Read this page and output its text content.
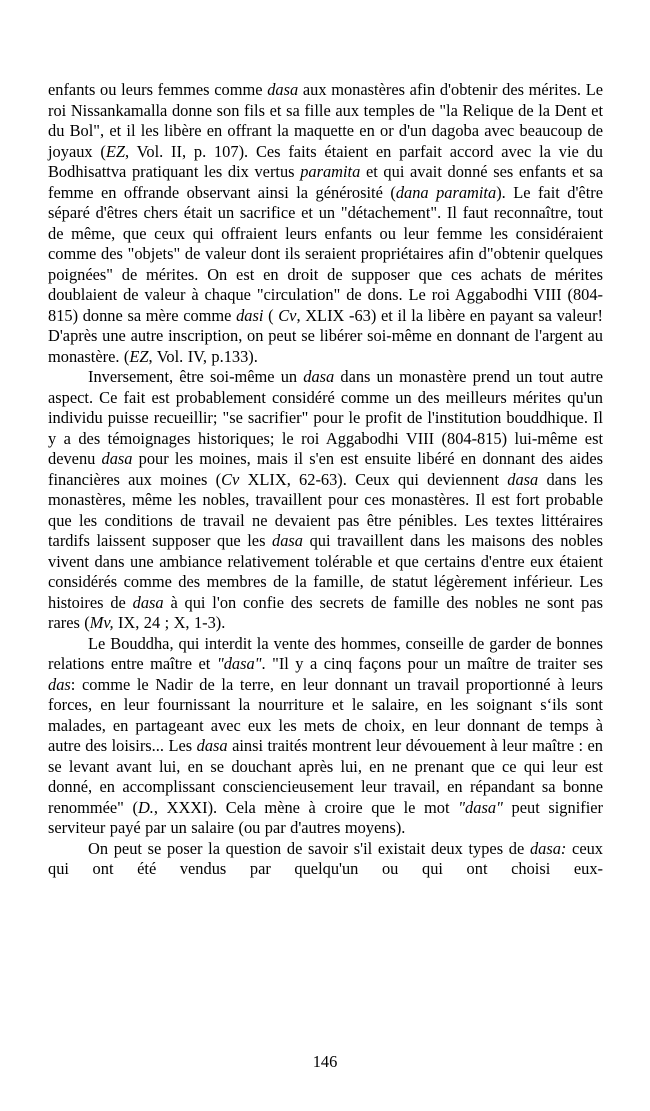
enfants ou leurs femmes comme dasa aux monastères afin d'obtenir des mérites. Le roi Nissankamalla donne son fils et sa fille aux temples de "la Relique de la Dent et du Bol", et il les libère en offrant la maquette en or d'un dagoba avec beaucoup de joyaux (EZ, Vol. II, p. 107). Ces faits étaient en parfait accord avec la vie du Bodhisattva pratiquant les dix vertus paramita et qui avait donné ses enfants et sa femme en offrande observant ainsi la générosité (dana paramita). Le fait d'être séparé d'êtres chers était un sacrifice et un "détachement". Il faut reconnaître, tout de même, que ceux qui offraient leurs enfants ou leur femme les considéraient comme des "objets" de valeur dont ils seraient propriétaires afin d"obtenir quelques poignées" de mérites. On est en droit de supposer que ces achats de mérites doublaient de valeur à chaque "circulation" de dons. Le roi Aggabodhi VIII (804-815) donne sa mère comme dasi ( Cv, XLIX -63) et il la libère en payant sa valeur! D'après une autre inscription, on peut se libérer soi-même en donnant de l'argent au monastère. (EZ, Vol. IV, p.133).

Inversement, être soi-même un dasa dans un monastère prend un tout autre aspect. Ce fait est probablement considéré comme un des meilleurs mérites qu'un individu puisse recueillir; "se sacrifier" pour le profit de l'institution bouddhique. Il y a des témoignages historiques; le roi Aggabodhi VIII (804-815) lui-même est devenu dasa pour les moines, mais il s'en est ensuite libéré en donnant des aides financières aux moines (Cv XLIX, 62-63). Ceux qui deviennent dasa dans les monastères, même les nobles, travaillent pour ces monastères. Il est fort probable que les conditions de travail ne devaient pas être pénibles. Les textes littéraires tardifs laissent supposer que les dasa qui travaillent dans les maisons des nobles vivent dans une ambiance relativement tolérable et que certains d'entre eux étaient considérés comme des membres de la famille, de statut légèrement inférieur. Les histoires de dasa à qui l'on confie des secrets de famille des nobles ne sont pas rares (Mv, IX, 24 ; X, 1-3).

Le Bouddha, qui interdit la vente des hommes, conseille de garder de bonnes relations entre maître et "dasa". "Il y a cinq façons pour un maître de traiter ses das: comme le Nadir de la terre, en leur donnant un travail proportionné à leurs forces, en leur fournissant la nourriture et le salaire, en les soignant s‘ils sont malades, en partageant avec eux les mets de choix, en leur donnant de temps à autre des loisirs... Les dasa ainsi traités montrent leur dévouement à leur maître : en se levant avant lui, en se douchant après lui, en ne prenant que ce qui leur est donné, en accomplissant consciencieusement leur travail, en répandant sa bonne renommée" (D., XXXI). Cela mène à croire que le mot "dasa" peut signifier serviteur payé par un salaire (ou par d'autres moyens).

On peut se poser la question de savoir s'il existait deux types de dasa: ceux qui ont été vendus par quelqu'un ou qui ont choisi eux-

146
